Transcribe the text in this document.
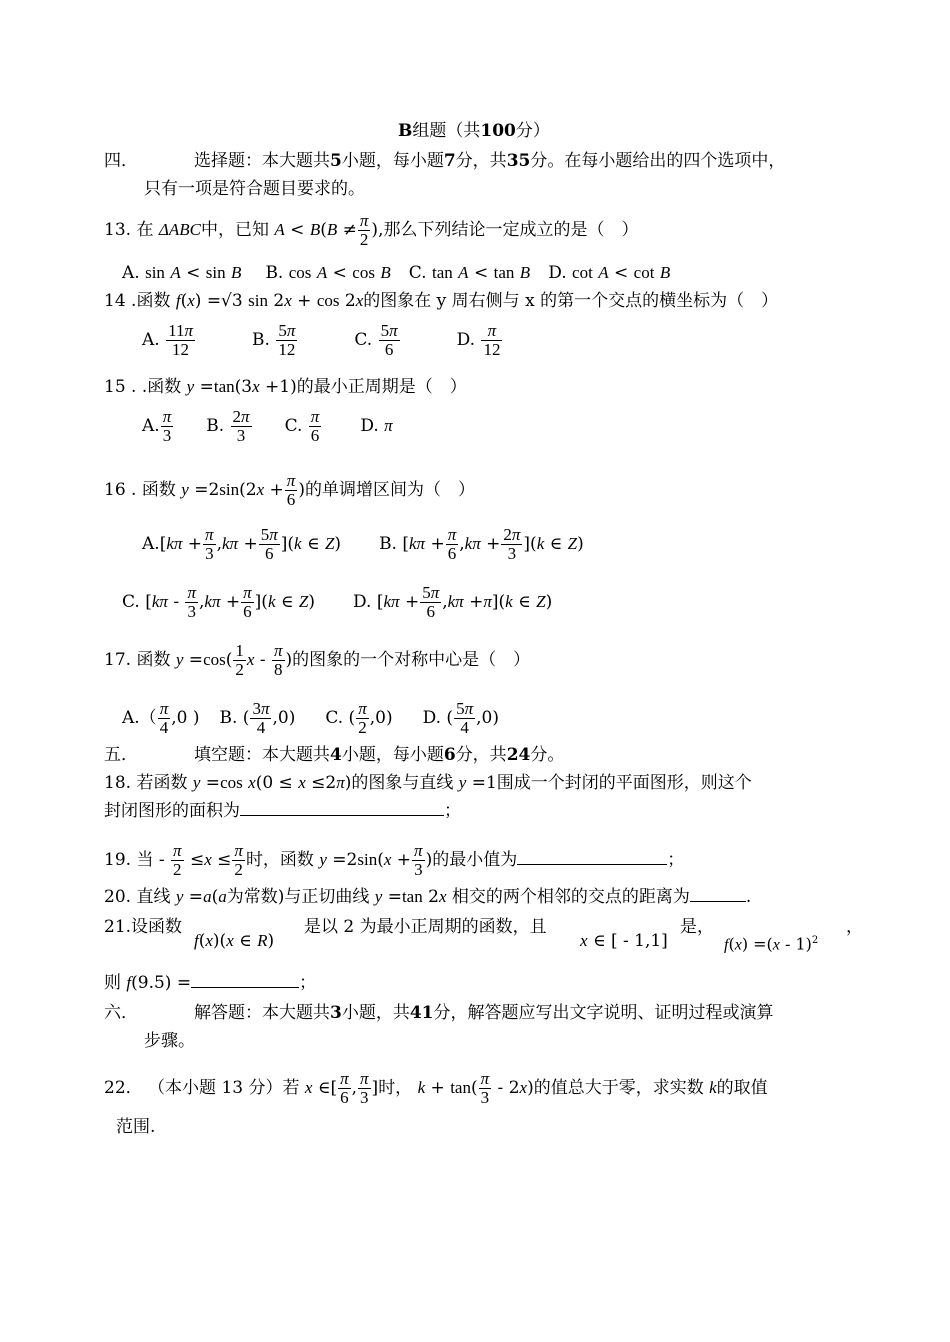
B组题（共100分）
四．	选择题：本大题共5小题，每小题7分，共35分。在每小题给出的四个选项中，
只有一项是符合题目要求的。
13. 在 ΔABC中，已知 $A < B(B \ne \frac{\pi}{2}$ ),那么下列结论一定成立的是（　）
A. sin A < sin B B. cos A < cos B C. tan A < tan B D. cot A < cot B
14 .函数 f(x) =√3 sin 2x + cos 2x的图象在 y 周右侧与 x 的第一个交点的横坐标为（　）
A. $\frac{11\pi}{12}$	B. $\frac{5\pi}{12}$	C. $\frac{5\pi}{6}$	D. $\frac{\pi}{12}$
15 . .函数 y =tan(3x +1)的最小正周期是（　）
A. $\frac{\pi}{3} B$. $\frac{2\pi}{3} C$. $\frac{\pi}{6} D$. π
16 . 函数 $y =2\sin(2x + \frac{\pi}{6}$ )的单调增区间为（　）
$A.[k\pi + \frac{\pi}{3} ,k\pi + \frac{5\pi}{6} ](k$ ∈ Z) B. $[k\pi + \frac{\pi}{6} ,k\pi + \frac{2\pi}{3} ](k$ ∈ Z)
C. $[k\pi - \frac{\pi}{3} ,k\pi + \frac{\pi}{6} ](k$ ∈ Z) D. $[k\pi + \frac{5\pi}{6} ,k\pi +\pi](k$ ∈ Z)
17. 函数 $y =\cos( \frac{1}{2}$ x - $\frac{\pi}{8}$ )的图象的一个对称中心是（　）
$A.( \frac{\pi}{4} ,0$ ) B. ( $\frac{3\pi}{4} ,0$) C. ( $\frac{\pi}{2} ,0$) D. ( $\frac{5\pi}{4} ,0$)
五．	填空题：本大题共4小题，每小题6分，共24分。
18. 若函数 y =cos x(0 ≤ x ≤2π)的图象与直线 y =1围成一个封闭的平面图形，则这个
封闭图形的面积为	；
19. 当 - $\frac{\pi}{2} \le x \le \frac{\pi}{2}$ 时，函数 $y =2\sin(x + \frac{\pi}{3}$ )的最小值为	；
20. 直线 y =a(a为常数)与正切曲线 y =tan 2x 相交的两个相邻的交点的距离为	.
21.设函数
f(x)(x ∈ R)
是以 2 为最小正周期的函数，且
x ∈ [ - 1,1]
是，
f(x) =(x - 1)$^2$
，
则 f(9.5) =	；
六．	解答题：本大题共3小题，共41分，解答题应写出文字说明、证明过程或演算
步骤。
22． （本小题 13 分）若 x ∈[ $\frac{\pi}{6}$ , $\frac{\pi}{3}$ ]时， $k + \tan( \frac{\pi}{3} - 2x)$的值总大于零，求实数 k的取值
范围.
